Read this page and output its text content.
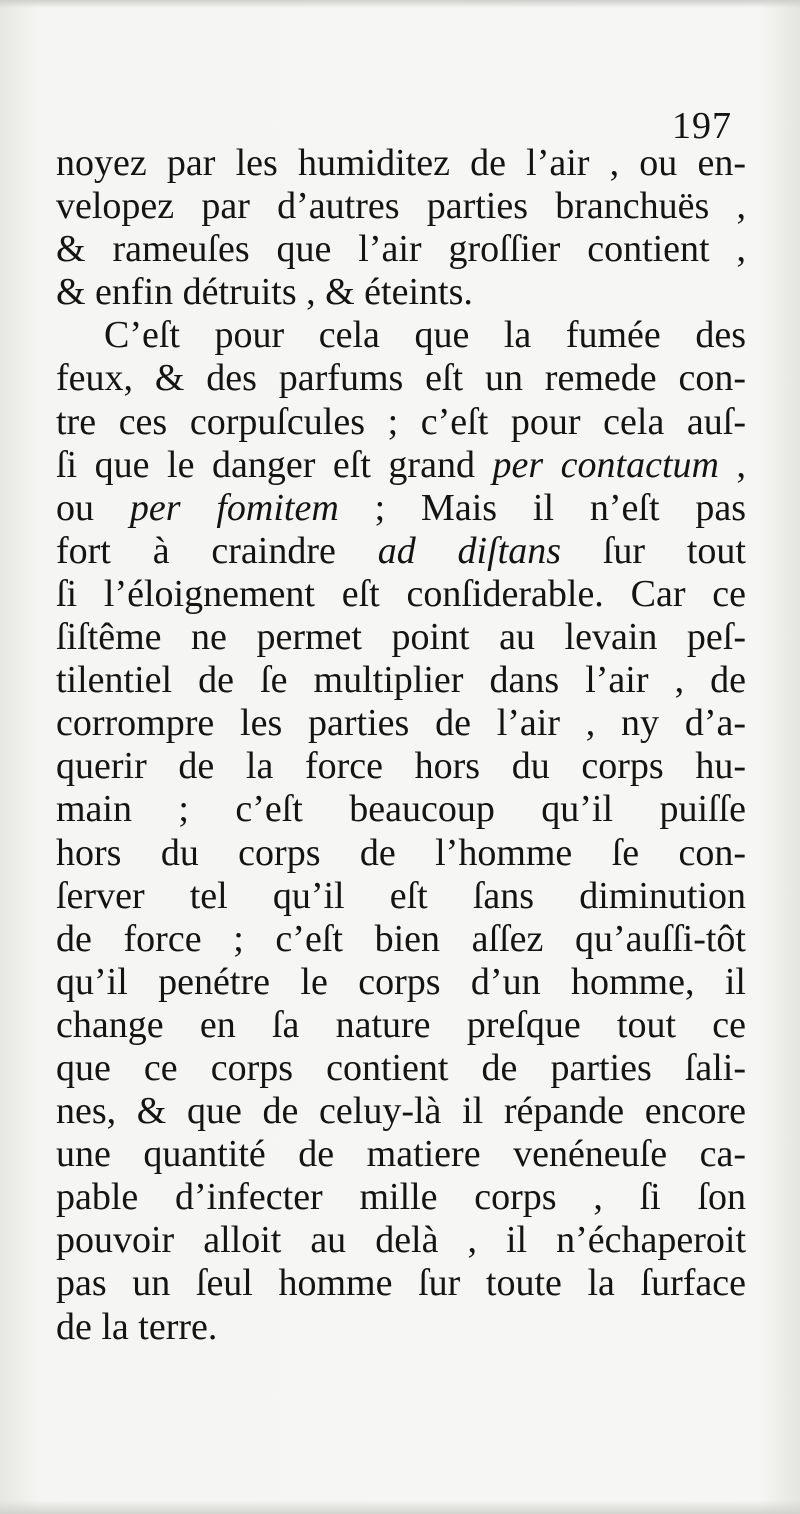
197
noyez par les humiditez de l’air , ou en-
velopez par d’autres parties branchuës ,
& rameuſes que l’air groſſier contient ,
& enfin détruits , & éteints.
C’eſt pour cela que la fumée des
feux, & des parfums eſt un remede con-
tre ces corpuſcules ; c’eſt pour cela auſ-
ſi que le danger eſt grand per contactum ,
ou per fomitem ; Mais il n’eſt pas
fort à craindre ad diſtans ſur tout
ſi l’éloignement eſt conſiderable. Car ce
ſiſtême ne permet point au levain peſ-
tilentiel de ſe multiplier dans l’air , de
corrompre les parties de l’air , ny d’a-
querir de la force hors du corps hu-
main ; c’eſt beaucoup qu’il puiſſe
hors du corps de l’homme ſe con-
ſerver tel qu’il eſt ſans diminution
de force ; c’eſt bien aſſez qu’auſſi-tôt
qu’il penétre le corps d’un homme, il
change en ſa nature preſque tout ce
que ce corps contient de parties ſali-
nes, & que de celuy-là il répande encore
une quantité de matiere venéneuſe ca-
pable d’infecter mille corps , ſi ſon
pouvoir alloit au delà , il n’échaperoit
pas un ſeul homme ſur toute la ſurface
de la terre.
